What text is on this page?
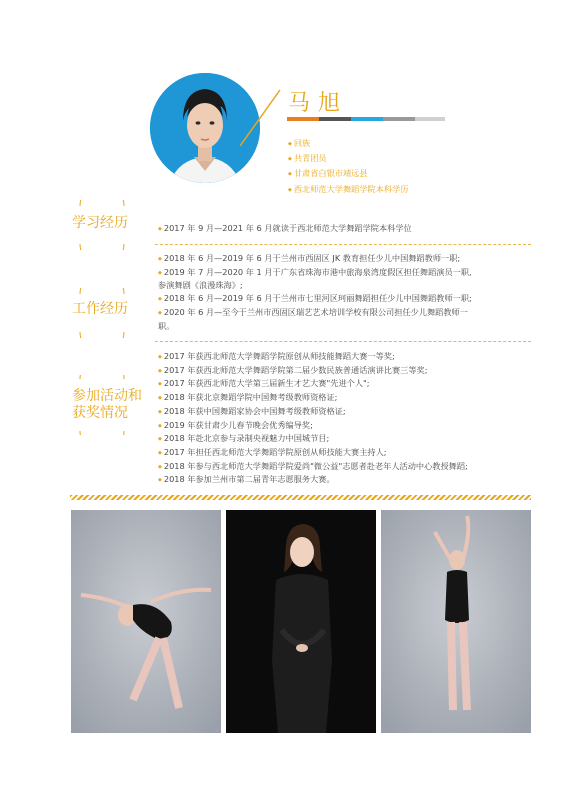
马旭
◆ 回族
◆ 共青团员
◆ 甘肃省白银市靖远县
◆ 西北师范大学舞蹈学院本科学历
学习经历	◆ 2017 年 9 月—2021 年 6 月就读于西北师范大学舞蹈学院本科学位
工作经历
◆ 2018 年 6 月—2019 年 6 月于兰州市西固区 JK 教育担任少儿中国舞蹈教师一职;
◆ 2019 年 7 月—2020 年 1 月于广东省珠海市港中旅海泉湾度假区担任舞蹈演员一职,
参演舞剧《浪漫珠海》;
◆ 2018 年 6 月—2019 年 6 月于兰州市七里河区珂丽舞蹈担任少儿中国舞蹈教师一职;
◆ 2020 年 6 月—至今于兰州市西固区瑞艺艺术培训学校有限公司担任少儿舞蹈教师一
职。
参加活动和
获奖情况
◆ 2017 年获西北师范大学舞蹈学院原创从师技能舞蹈大赛一等奖;
◆ 2017 年获西北师范大学舞蹈学院第二届少数民族普通话演讲比赛三等奖;
◆ 2017 年获西北师范大学第三届新生才艺大赛"先进个人";
◆ 2018 年获北京舞蹈学院中国舞考级教师资格证;
◆ 2018 年获中国舞蹈家协会中国舞考级教师资格证;
◆ 2019 年获甘肃少儿春节晚会优秀编导奖;
◆ 2018 年赴北京参与录制央视魅力中国城节目;
◆ 2017 年担任西北师范大学舞蹈学院原创从师技能大赛主持人;
◆ 2018 年参与西北师范大学舞蹈学院爱尚"微公益"志愿者赴老年人活动中心教授舞蹈;
◆ 2018 年参加兰州市第二届青年志愿服务大赛。
